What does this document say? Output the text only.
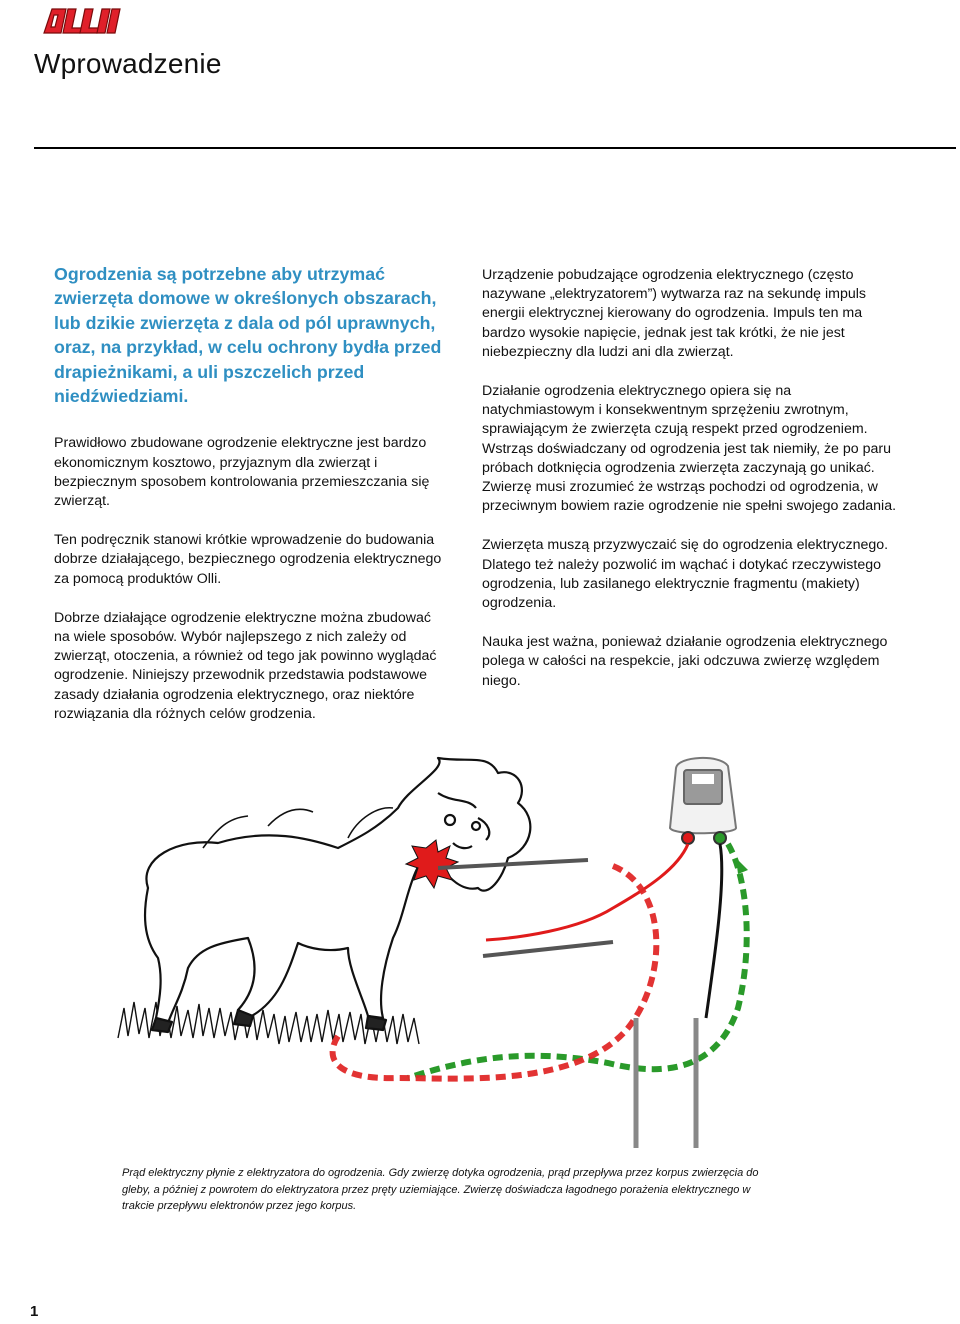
Wprowadzenie

Ogrodzenia są potrzebne aby utrzymać zwierzęta domowe w określonych obszarach, lub dzikie zwierzęta z dala od pól uprawnych, oraz, na przykład, w celu ochrony bydła przed drapieżnikami, a uli pszczelich przed niedźwiedziami.

Prawidłowo zbudowane ogrodzenie elektryczne jest bardzo ekonomicznym kosztowo, przyjaznym dla zwierząt i bezpiecznym sposobem kontrolowania przemieszczania się zwierząt.

Ten podręcznik stanowi krótkie wprowadzenie do budowania dobrze działającego, bezpiecznego ogrodzenia elektrycznego za pomocą produktów Olli.

Dobrze działające ogrodzenie elektryczne można zbudować na wiele sposobów. Wybór najlepszego z nich zależy od zwierząt, otoczenia, a również od tego jak powinno wyglądać ogrodzenie. Niniejszy przewodnik przedstawia podstawowe zasady działania ogrodzenia elektrycznego, oraz niektóre rozwiązania dla różnych celów grodzenia.

Urządzenie pobudzające ogrodzenia elektrycznego (często nazywane „elektryzatorem”) wytwarza raz na sekundę impuls energii elektrycznej kierowany do ogrodzenia. Impuls ten ma bardzo wysokie napięcie, jednak jest tak krótki, że nie jest niebezpieczny dla ludzi ani dla zwierząt.

Działanie ogrodzenia elektrycznego opiera się na natychmiastowym i konsekwentnym sprzężeniu zwrotnym, sprawiającym że zwierzęta czują respekt przed ogrodzeniem. Wstrząs doświadczany od ogrodzenia jest tak niemiły, że po paru próbach dotknięcia ogrodzenia zwierzęta zaczynają go unikać. Zwierzę musi zrozumieć że wstrząs pochodzi od ogrodzenia, w przeciwnym bowiem razie ogrodzenie nie spełni swojego zadania.

Zwierzęta muszą przyzwyczaić się do ogrodzenia elektrycznego. Dlatego też należy pozwolić im wąchać i dotykać rzeczywistego ogrodzenia, lub zasilanego elektrycznie fragmentu (makiety) ogrodzenia.

Nauka jest ważna, ponieważ działanie ogrodzenia elektrycznego polega w całości na respekcie, jaki odczuwa zwierzę względem niego.

Prąd elektryczny płynie z elektryzatora do ogrodzenia. Gdy zwierzę dotyka ogrodzenia, prąd przepływa przez korpus zwierzęcia do gleby, a później z powrotem do elektryzatora przez pręty uziemiające. Zwierzę doświadcza łagodnego porażenia elektrycznego w trakcie przepływu elektronów przez jego korpus.

1
